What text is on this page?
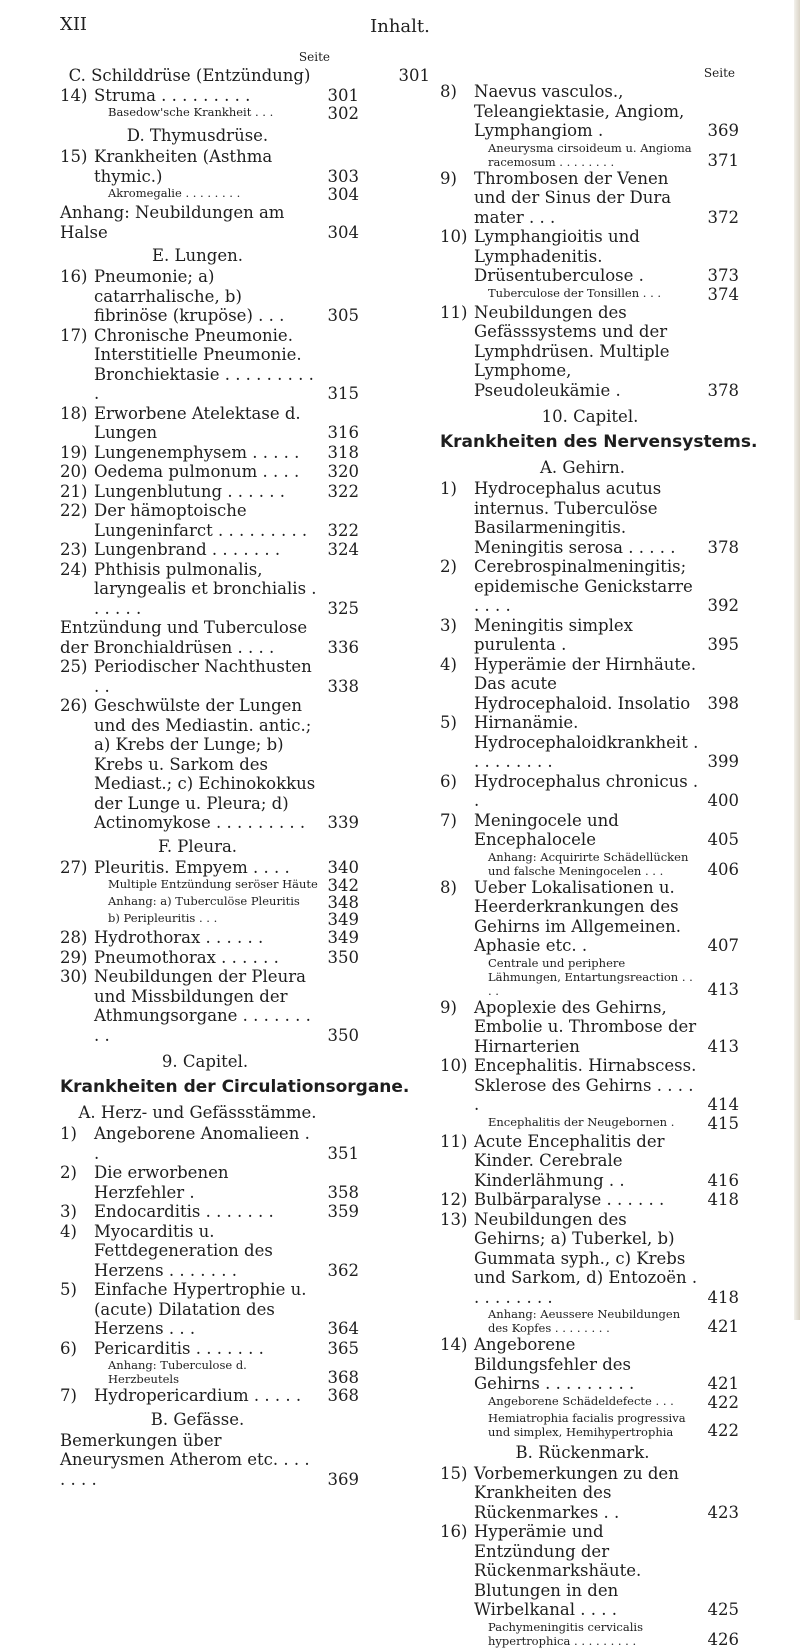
XII	Inhalt.
Seite
C. Schilddrüse (Entzündung)	301
14) Struma . . . . . . . . .	301
Basedow'sche Krankheit . . .	302
D. Thymusdrüse.
15) Krankheiten (Asthma thymic.)	303
Akromegalie . . . . . . . .	304
Anhang: Neubildungen am Halse	304
E. Lungen.
16) Pneumonie; a) catarrhalische, b) fibrinöse (krupöse) . . .	305
17) Chronische Pneumonie. Interstitielle Pneumonie. Bronchiektasie . . . . . . . . . .	315
18) Erworbene Atelektase d. Lungen	316
19) Lungenemphysem . . . . .	318
20) Oedema pulmonum . . . .	320
21) Lungenblutung . . . . . .	322
22) Der hämoptoische Lungeninfarct . . . . . . . . .	322
23) Lungenbrand . . . . . . .	324
24) Phthisis pulmonalis, laryngealis et bronchialis . . . . . .	325
Entzündung und Tuberculose der Bronchialdrüsen . . . .	336
25) Periodischer Nachthusten . .	338
26) Geschwülste der Lungen und des Mediastin. antic.; a) Krebs der Lunge; b) Krebs u. Sarkom des Mediast.; c) Echinokokkus der Lunge u. Pleura; d) Actinomykose . . . . . . . . .	339
F. Pleura.
27) Pleuritis. Empyem . . . .	340
Multiple Entzündung seröser Häute 342
Anhang: a) Tuberculöse Pleuritis	348
b) Peripleuritis . . .	349
28) Hydrothorax . . . . . .	349
29) Pneumothorax . . . . . .	350
30) Neubildungen der Pleura und Missbildungen der Athmungsorgane . . . . . . . . .	350
9. Capitel.
Krankheiten der Circulationsorgane.
A. Herz- und Gefässstämme.
1)	Angeborene Anomalieen . .	351
2)	Die erworbenen Herzfehler .	358
3)	Endocarditis . . . . . . .	359
4)	Myocarditis u. Fettdegeneration des Herzens . . . . . . .	362
5)	Einfache Hypertrophie u. (acute) Dilatation des Herzens . . .	364
6)	Pericarditis . . . . . . .	365
Anhang: Tuberculose d. Herzbeutels	368
7)	Hydropericardium . . . . .	368
B. Gefässe.
Bemerkungen über Aneurysmen Atherom etc. . . . . . . .	369
Seite
8)	Naevus vasculos., Teleangiektasie, Angiom, Lymphangiom .	369
Aneurysma cirsoideum u. Angioma racemosum . . . . . . . .	371
9)	Thrombosen der Venen und der Sinus der Dura mater . . .	372
10) Lymphangioitis und Lymphadenitis. Drüsentuberculose .	373
Tuberculose der Tonsillen . . .	374
11) Neubildungen des Gefässsystems und der Lymphdrüsen. Multiple Lymphome, Pseudoleukämie .	378
10. Capitel.
Krankheiten des Nervensystems.
A. Gehirn.
1)	Hydrocephalus acutus internus. Tuberculöse Basilarmeningitis. Meningitis serosa . . . . .	378
2)	Cerebrospinalmeningitis; epidemische Genickstarre . . . .	392
3)	Meningitis simplex purulenta .	395
4)	Hyperämie der Hirnhäute. Das acute Hydrocephaloid. Insolatio	398
5)	Hirnanämie. Hydrocephaloidkrankheit . . . . . . . . .	399
6)	Hydrocephalus chronicus . .	400
7)	Meningocele und Encephalocele	405
Anhang: Acquirirte Schädellücken und falsche Meningocelen . . .	406
8)	Ueber Lokalisationen u. Heerderkrankungen des Gehirns im Allgemeinen. Aphasie etc. .	407
Centrale und periphere Lähmungen, Entartungsreaction . . . .	413
9)	Apoplexie des Gehirns, Embolie u. Thrombose der Hirnarterien	413
10) Encephalitis. Hirnabscess. Sklerose des Gehirns . . . . .	414
Encephalitis der Neugebornen .	415
11) Acute Encephalitis der Kinder. Cerebrale Kinderlähmung . .	416
12) Bulbärparalyse . . . . . .	418
13) Neubildungen des Gehirns; a) Tuberkel, b) Gummata syph., c) Krebs und Sarkom, d) Entozoën . . . . . . . . .	418
Anhang: Aeussere Neubildungen des Kopfes . . . . . . . .	421
14) Angeborene Bildungsfehler des Gehirns . . . . . . . . .	421
Angeborene Schädeldefecte . . .	422
Hemiatrophia facialis progressiva und simplex, Hemihypertrophia	422
B. Rückenmark.
15) Vorbemerkungen zu den Krankheiten des Rückenmarkes . .	423
16) Hyperämie und Entzündung der Rückenmarkshäute. Blutungen in den Wirbelkanal . . . .	425
Pachymeningitis cervicalis hypertrophica . . . . . . . . .	426
